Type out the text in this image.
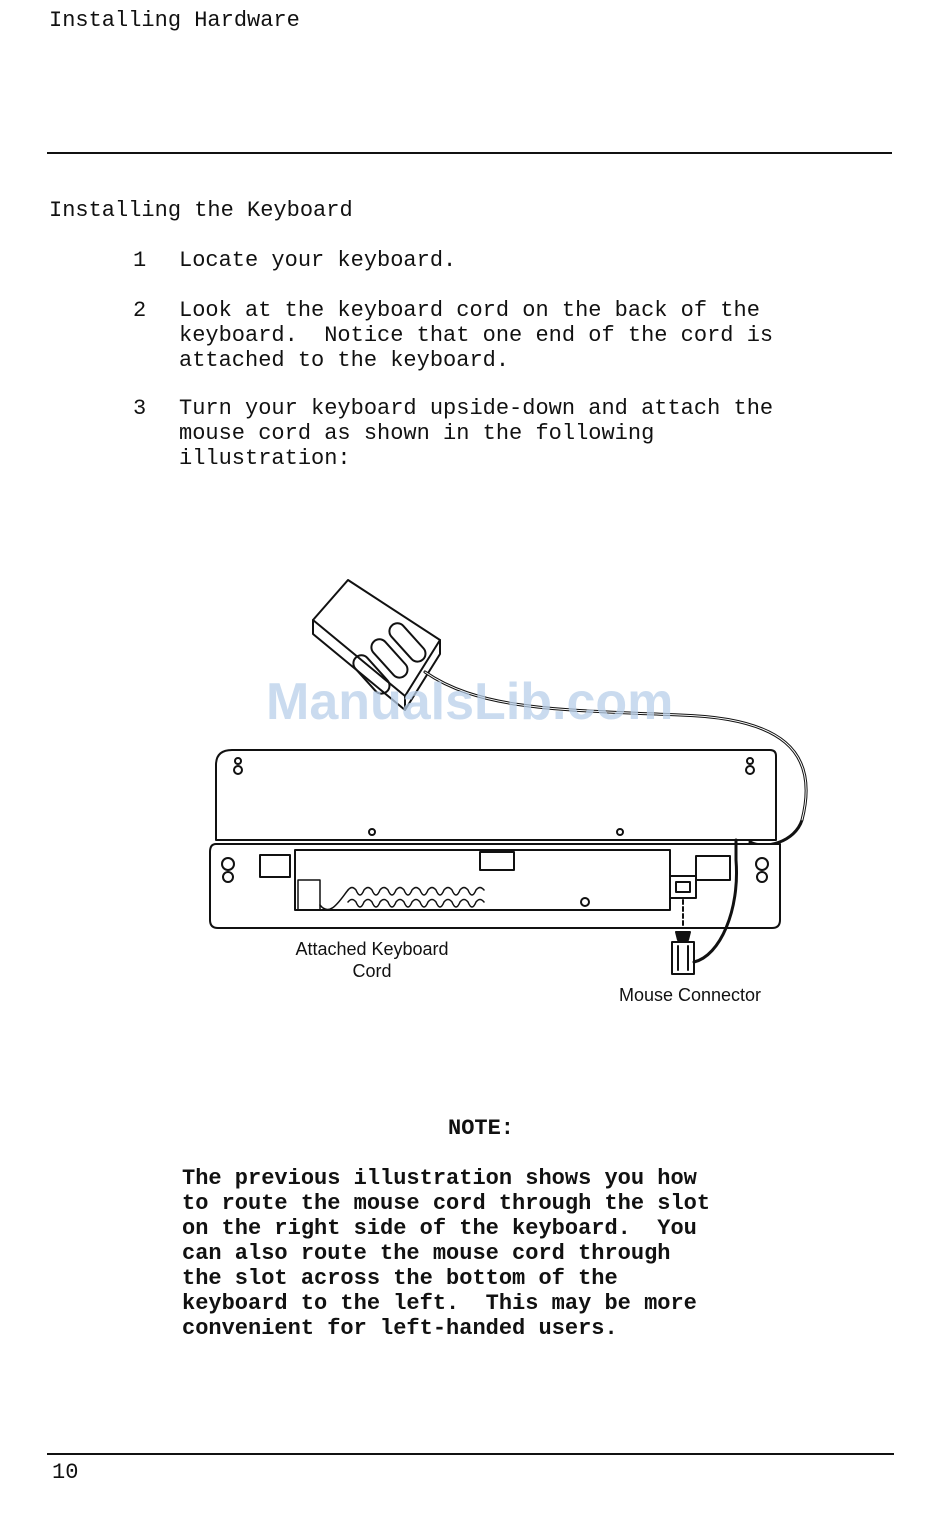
Installing Hardware
Installing the Keyboard
1 Locate your keyboard.
2 Look at the keyboard cord on the back of the
keyboard.  Notice that one end of the cord is
attached to the keyboard.
3 Turn your keyboard upside-down and attach the
mouse cord as shown in the following
illustration:
ManualsLib.com
Attached Keyboard
Cord
Mouse Connector
NOTE:
The previous illustration shows you how
to route the mouse cord through the slot
on the right side of the keyboard.  You
can also route the mouse cord through
the slot across the bottom of the
keyboard to the left.  This may be more
convenient for left-handed users.
10
